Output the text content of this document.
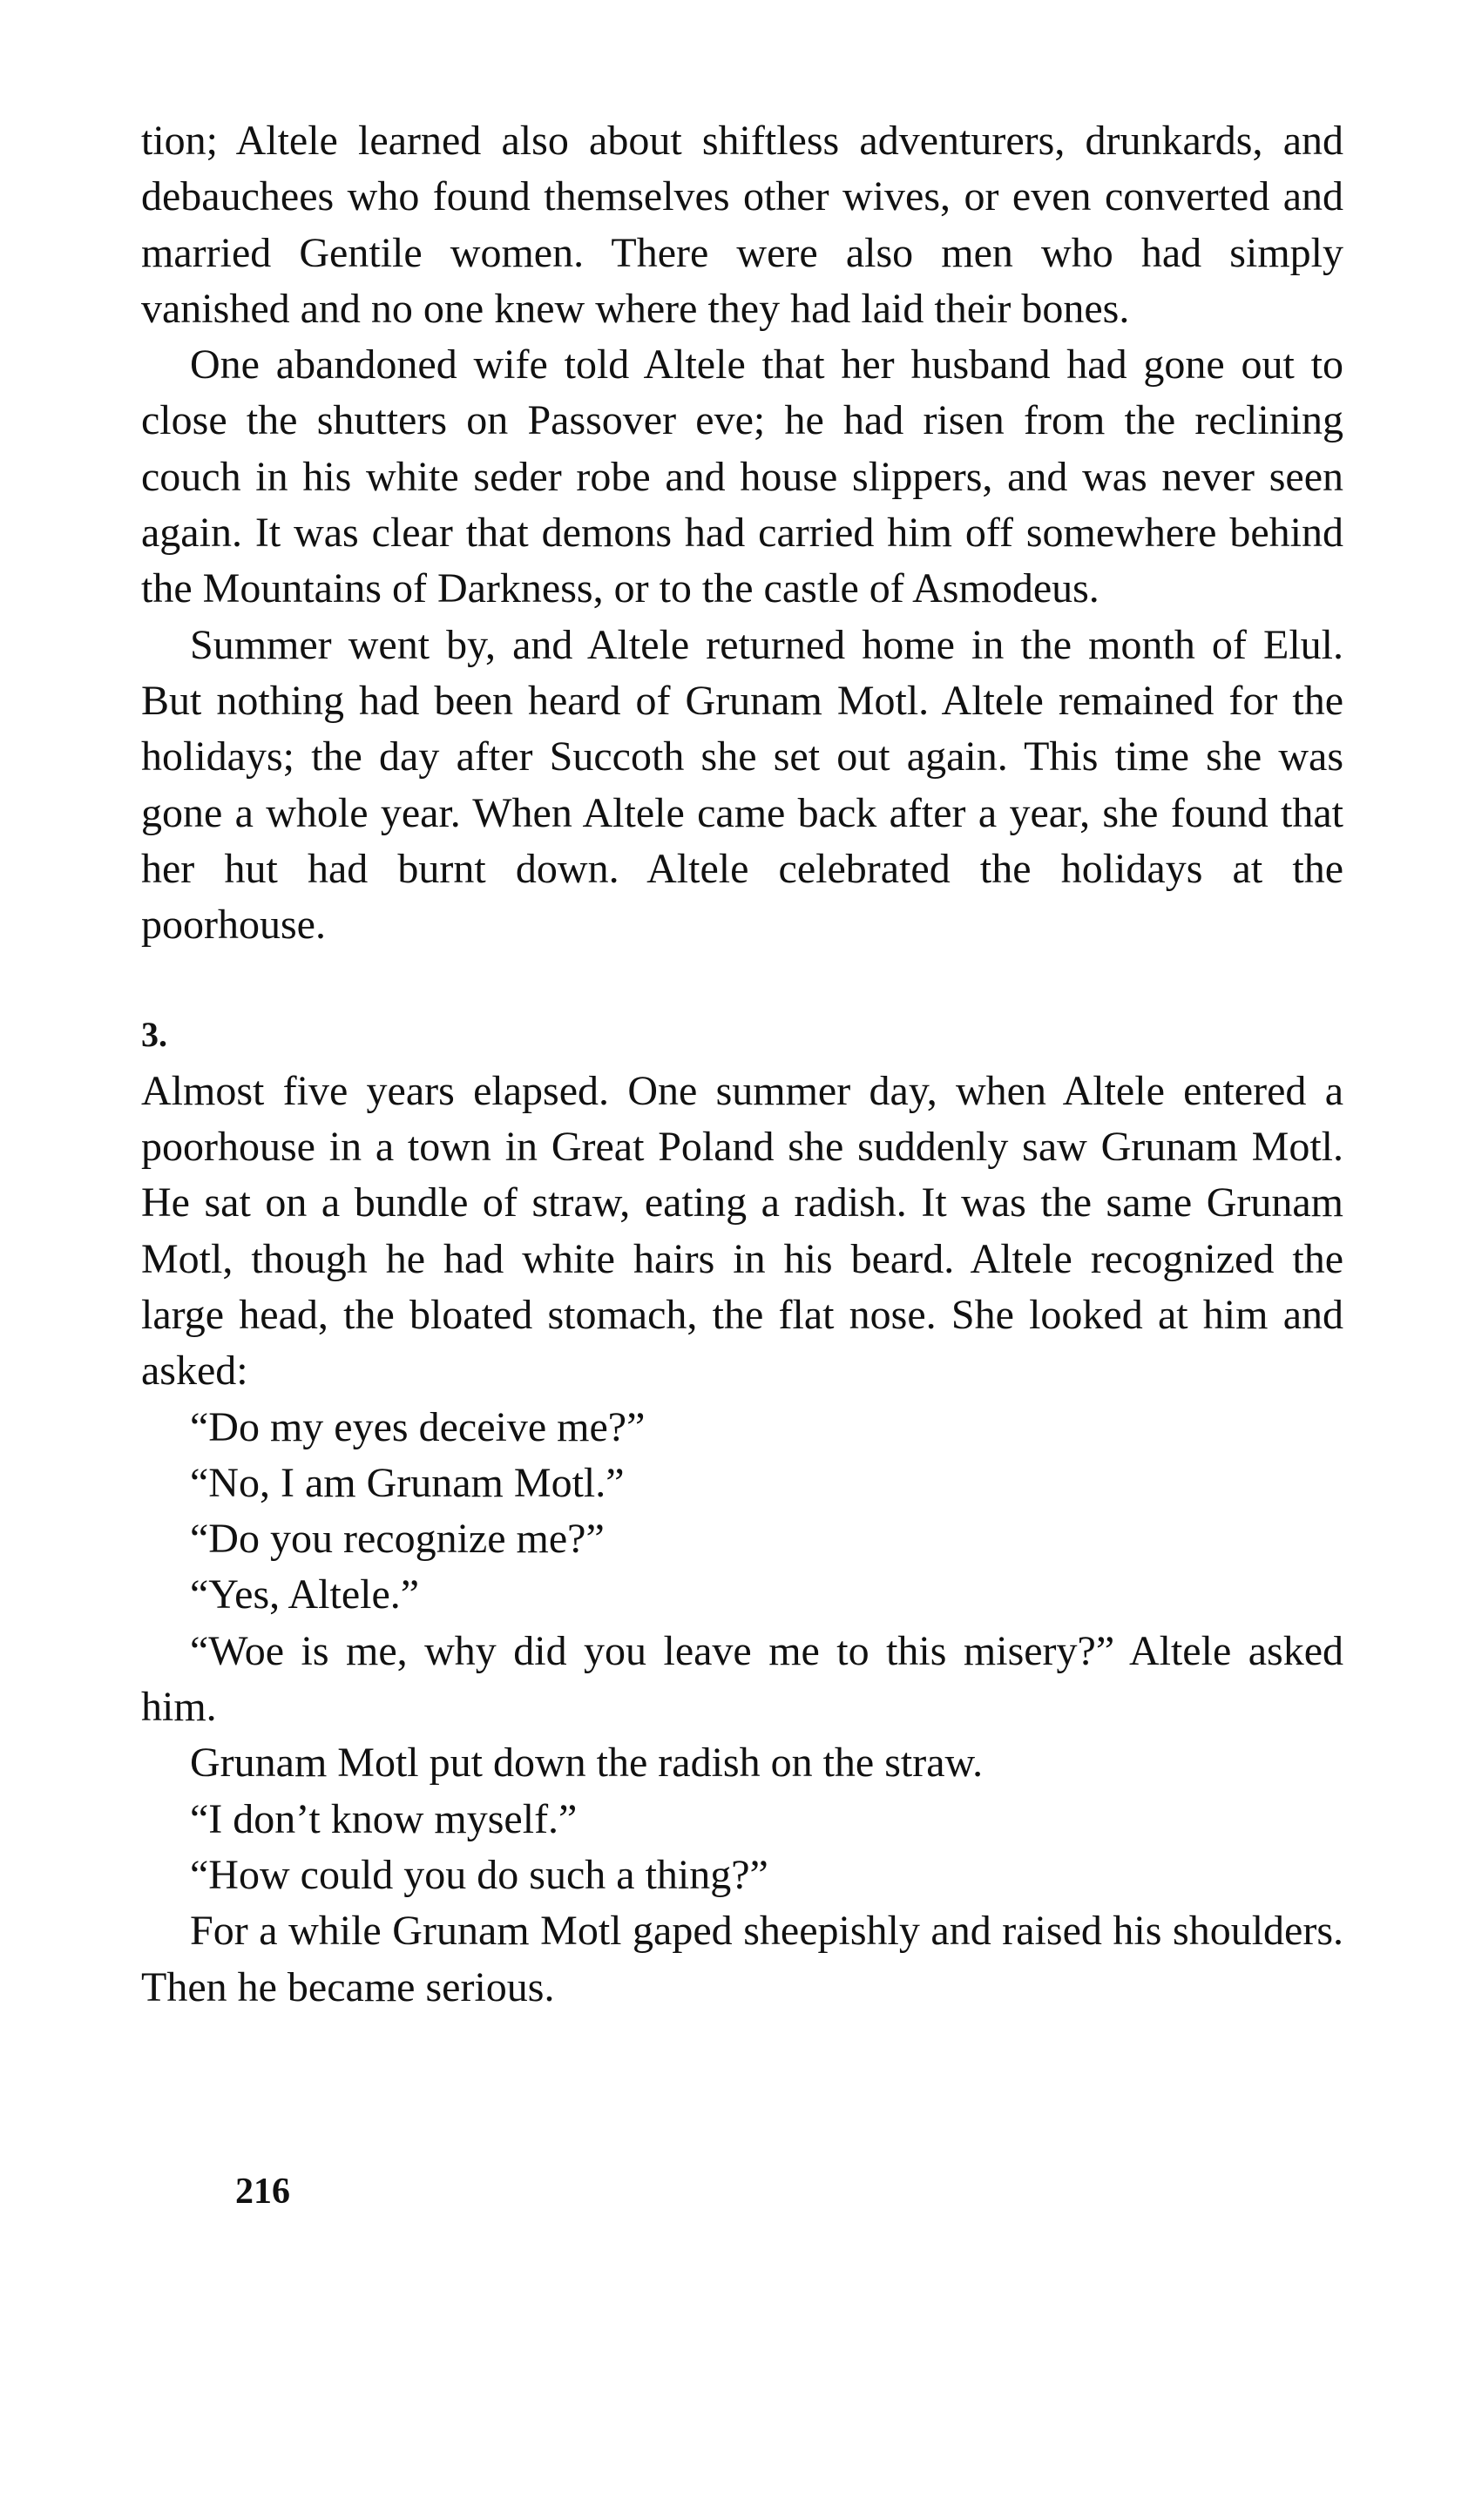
tion; Altele learned also about shiftless adventurers, drunkards, and debauchees who found themselves other wives, or even converted and married Gentile women. There were also men who had simply vanished and no one knew where they had laid their bones.

One abandoned wife told Altele that her husband had gone out to close the shutters on Passover eve; he had risen from the reclining couch in his white seder robe and house slippers, and was never seen again. It was clear that demons had carried him off somewhere behind the Mountains of Darkness, or to the castle of Asmodeus.

Summer went by, and Altele returned home in the month of Elul. But nothing had been heard of Grunam Motl. Altele remained for the holidays; the day after Succoth she set out again. This time she was gone a whole year. When Altele came back after a year, she found that her hut had burnt down. Altele celebrated the holidays at the poorhouse.

3.

Almost five years elapsed. One summer day, when Altele entered a poorhouse in a town in Great Poland she suddenly saw Grunam Motl. He sat on a bundle of straw, eating a radish. It was the same Grunam Motl, though he had white hairs in his beard. Altele recognized the large head, the bloated stomach, the flat nose. She looked at him and asked:

“Do my eyes deceive me?”

“No, I am Grunam Motl.”

“Do you recognize me?”

“Yes, Altele.”

“Woe is me, why did you leave me to this misery?” Altele asked him.

Grunam Motl put down the radish on the straw.

“I don’t know myself.”

“How could you do such a thing?”

For a while Grunam Motl gaped sheepishly and raised his shoulders. Then he became serious.

216
